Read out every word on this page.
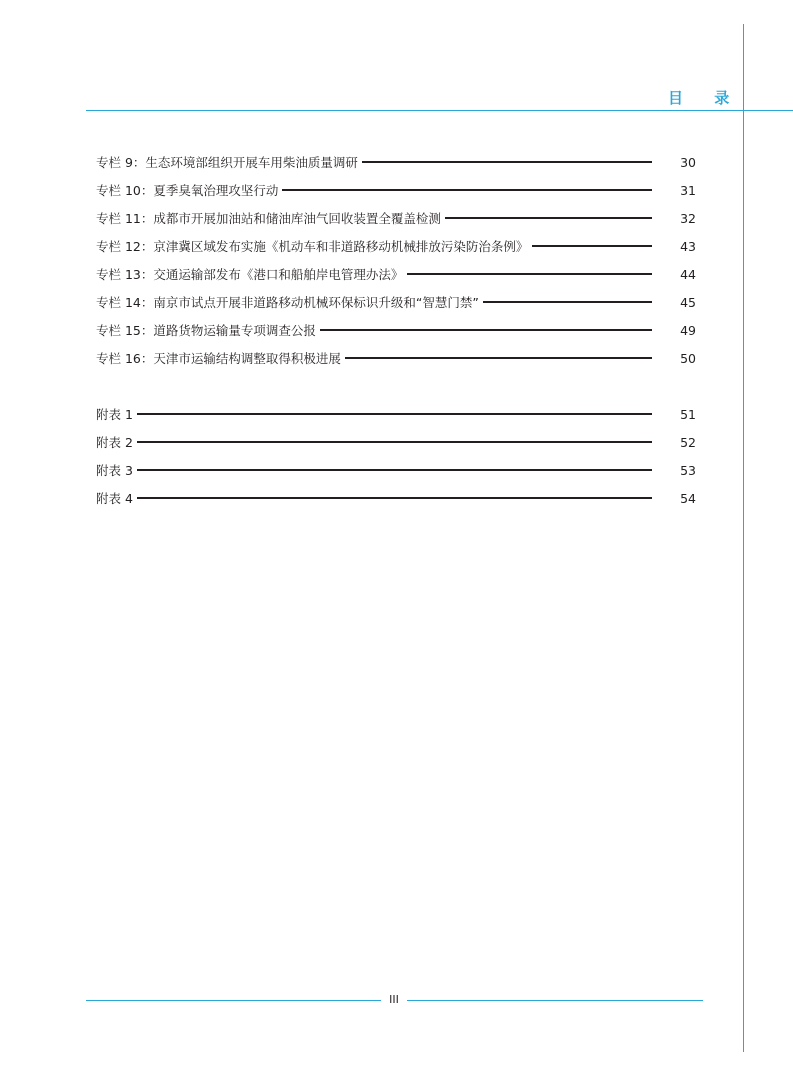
目 录
专栏 9：生态环境部组织开展车用柴油质量调研	30
专栏 10：夏季臭氧治理攻坚行动	31
专栏 11：成都市开展加油站和储油库油气回收装置全覆盖检测	32
专栏 12：京津冀区域发布实施《机动车和非道路移动机械排放污染防治条例》	43
专栏 13：交通运输部发布《港口和船舶岸电管理办法》	44
专栏 14：南京市试点开展非道路移动机械环保标识升级和“智慧门禁”	45
专栏 15：道路货物运输量专项调查公报	49
专栏 16：天津市运输结构调整取得积极进展	50
附表 1	51
附表 2	52
附表 3	53
附表 4	54
III
